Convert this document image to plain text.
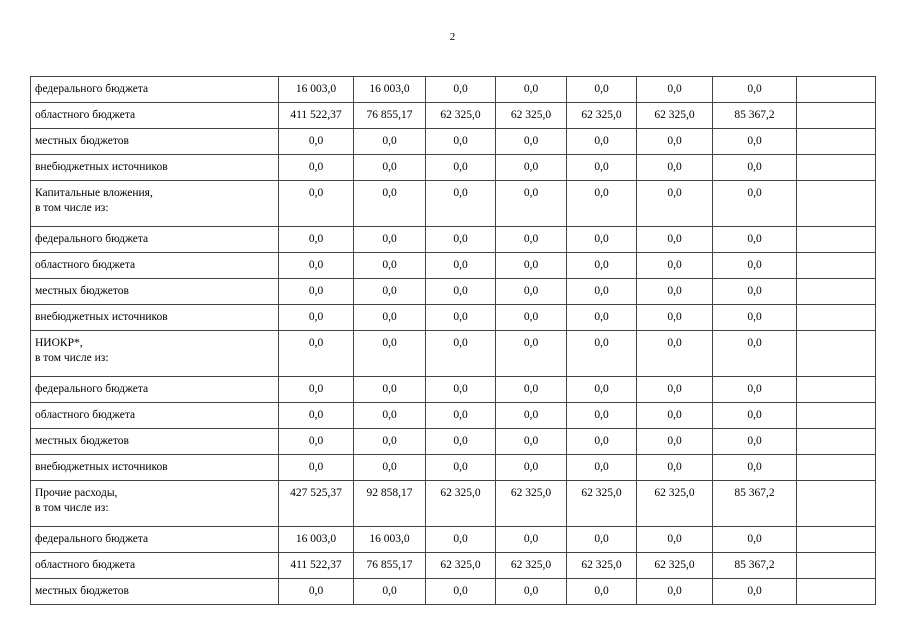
2
федерального бюджета	16 003,0	16 003,0	0,0	0,0	0,0	0,0	0,0	
областного бюджета	411 522,37	76 855,17	62 325,0	62 325,0	62 325,0	62 325,0	85 367,2	
местных бюджетов	0,0	0,0	0,0	0,0	0,0	0,0	0,0	
внебюджетных источников	0,0	0,0	0,0	0,0	0,0	0,0	0,0	
Капитальные вложения,
в том числе из:	0,0	0,0	0,0	0,0	0,0	0,0	0,0	
федерального бюджета	0,0	0,0	0,0	0,0	0,0	0,0	0,0	
областного бюджета	0,0	0,0	0,0	0,0	0,0	0,0	0,0	
местных бюджетов	0,0	0,0	0,0	0,0	0,0	0,0	0,0	
внебюджетных источников	0,0	0,0	0,0	0,0	0,0	0,0	0,0	
НИОКР*,
в том числе из:	0,0	0,0	0,0	0,0	0,0	0,0	0,0	
федерального бюджета	0,0	0,0	0,0	0,0	0,0	0,0	0,0	
областного бюджета	0,0	0,0	0,0	0,0	0,0	0,0	0,0	
местных бюджетов	0,0	0,0	0,0	0,0	0,0	0,0	0,0	
внебюджетных источников	0,0	0,0	0,0	0,0	0,0	0,0	0,0	
Прочие расходы,
в том числе из:	427 525,37	92 858,17	62 325,0	62 325,0	62 325,0	62 325,0	85 367,2	
федерального бюджета	16 003,0	16 003,0	0,0	0,0	0,0	0,0	0,0	
областного бюджета	411 522,37	76 855,17	62 325,0	62 325,0	62 325,0	62 325,0	85 367,2	
местных бюджетов	0,0	0,0	0,0	0,0	0,0	0,0	0,0	
